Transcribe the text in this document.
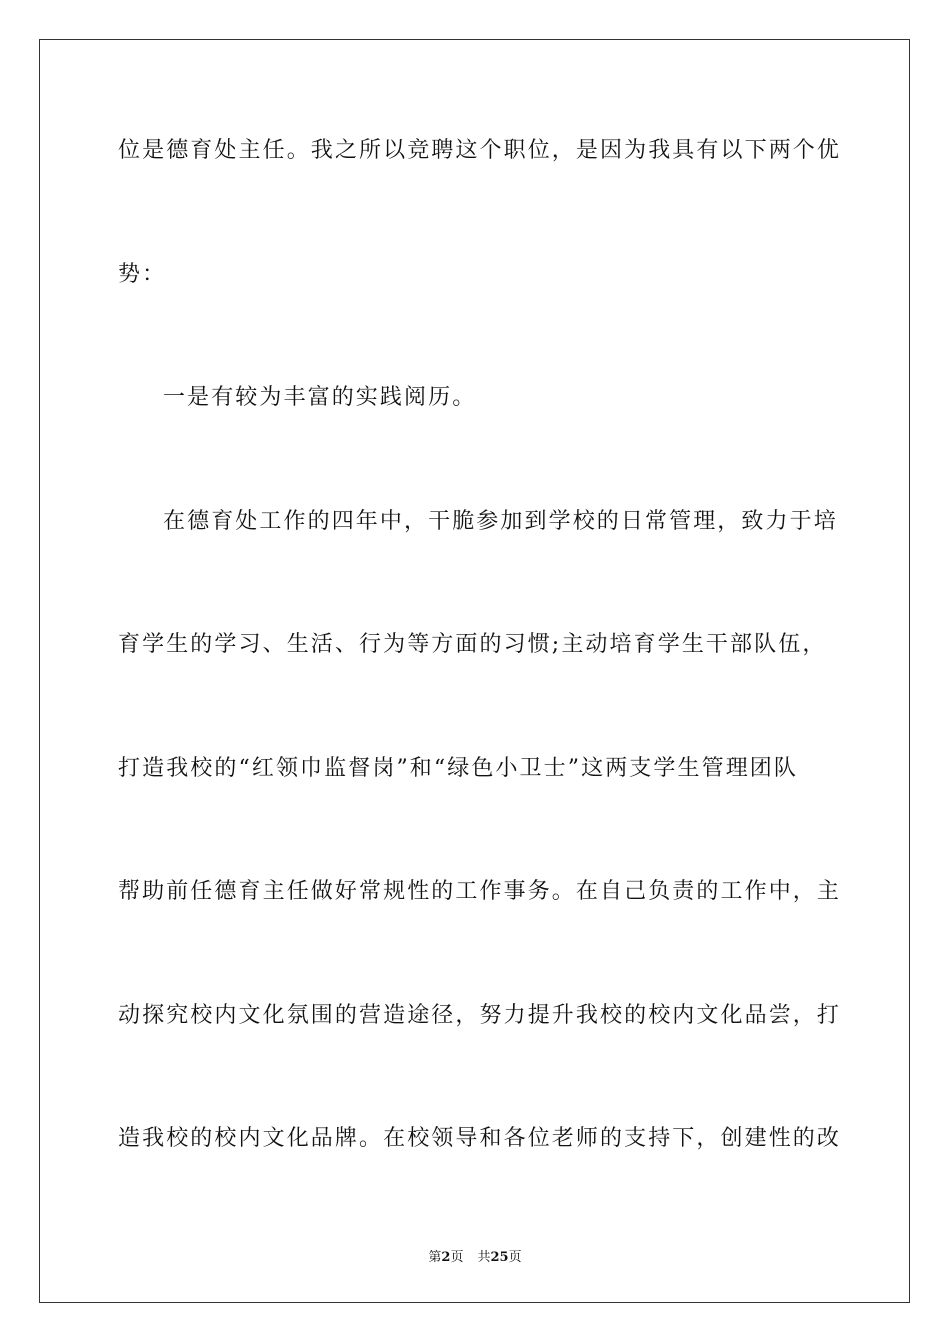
位是德育处主任。我之所以竞聘这个职位，是因为我具有以下两个优
势：
一是有较为丰富的实践阅历。
在德育处工作的四年中，干脆参加到学校的日常管理，致力于培
育学生的学习、生活、行为等方面的习惯;主动培育学生干部队伍，
打造我校的“红领巾监督岗”和“绿色小卫士”这两支学生管理团队
帮助前任德育主任做好常规性的工作事务。在自己负责的工作中，主
动探究校内文化氛围的营造途径，努力提升我校的校内文化品尝，打
造我校的校内文化品牌。在校领导和各位老师的支持下，创建性的改
第2页 共25页
